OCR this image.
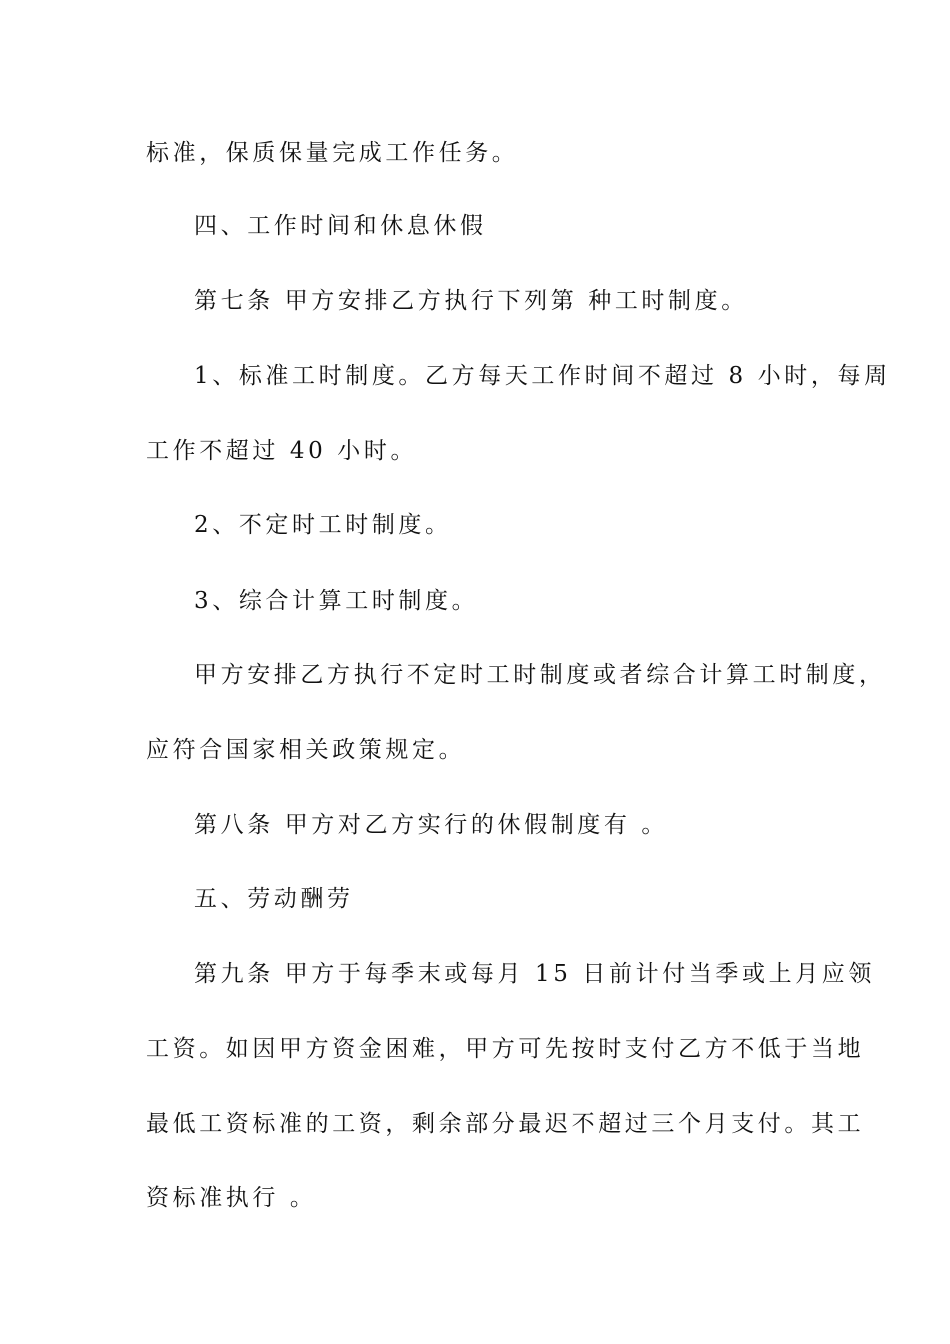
标准，保质保量完成工作任务。
四、工作时间和休息休假
第七条 甲方安排乙方执行下列第 种工时制度。
1、标准工时制度。乙方每天工作时间不超过 8 小时，每周
工作不超过 40 小时。
2、不定时工时制度。
3、综合计算工时制度。
甲方安排乙方执行不定时工时制度或者综合计算工时制度，
应符合国家相关政策规定。
第八条 甲方对乙方实行的休假制度有 。
五、劳动酬劳
第九条 甲方于每季末或每月 15 日前计付当季或上月应领
工资。如因甲方资金困难，甲方可先按时支付乙方不低于当地
最低工资标准的工资，剩余部分最迟不超过三个月支付。其工
资标准执行 。
